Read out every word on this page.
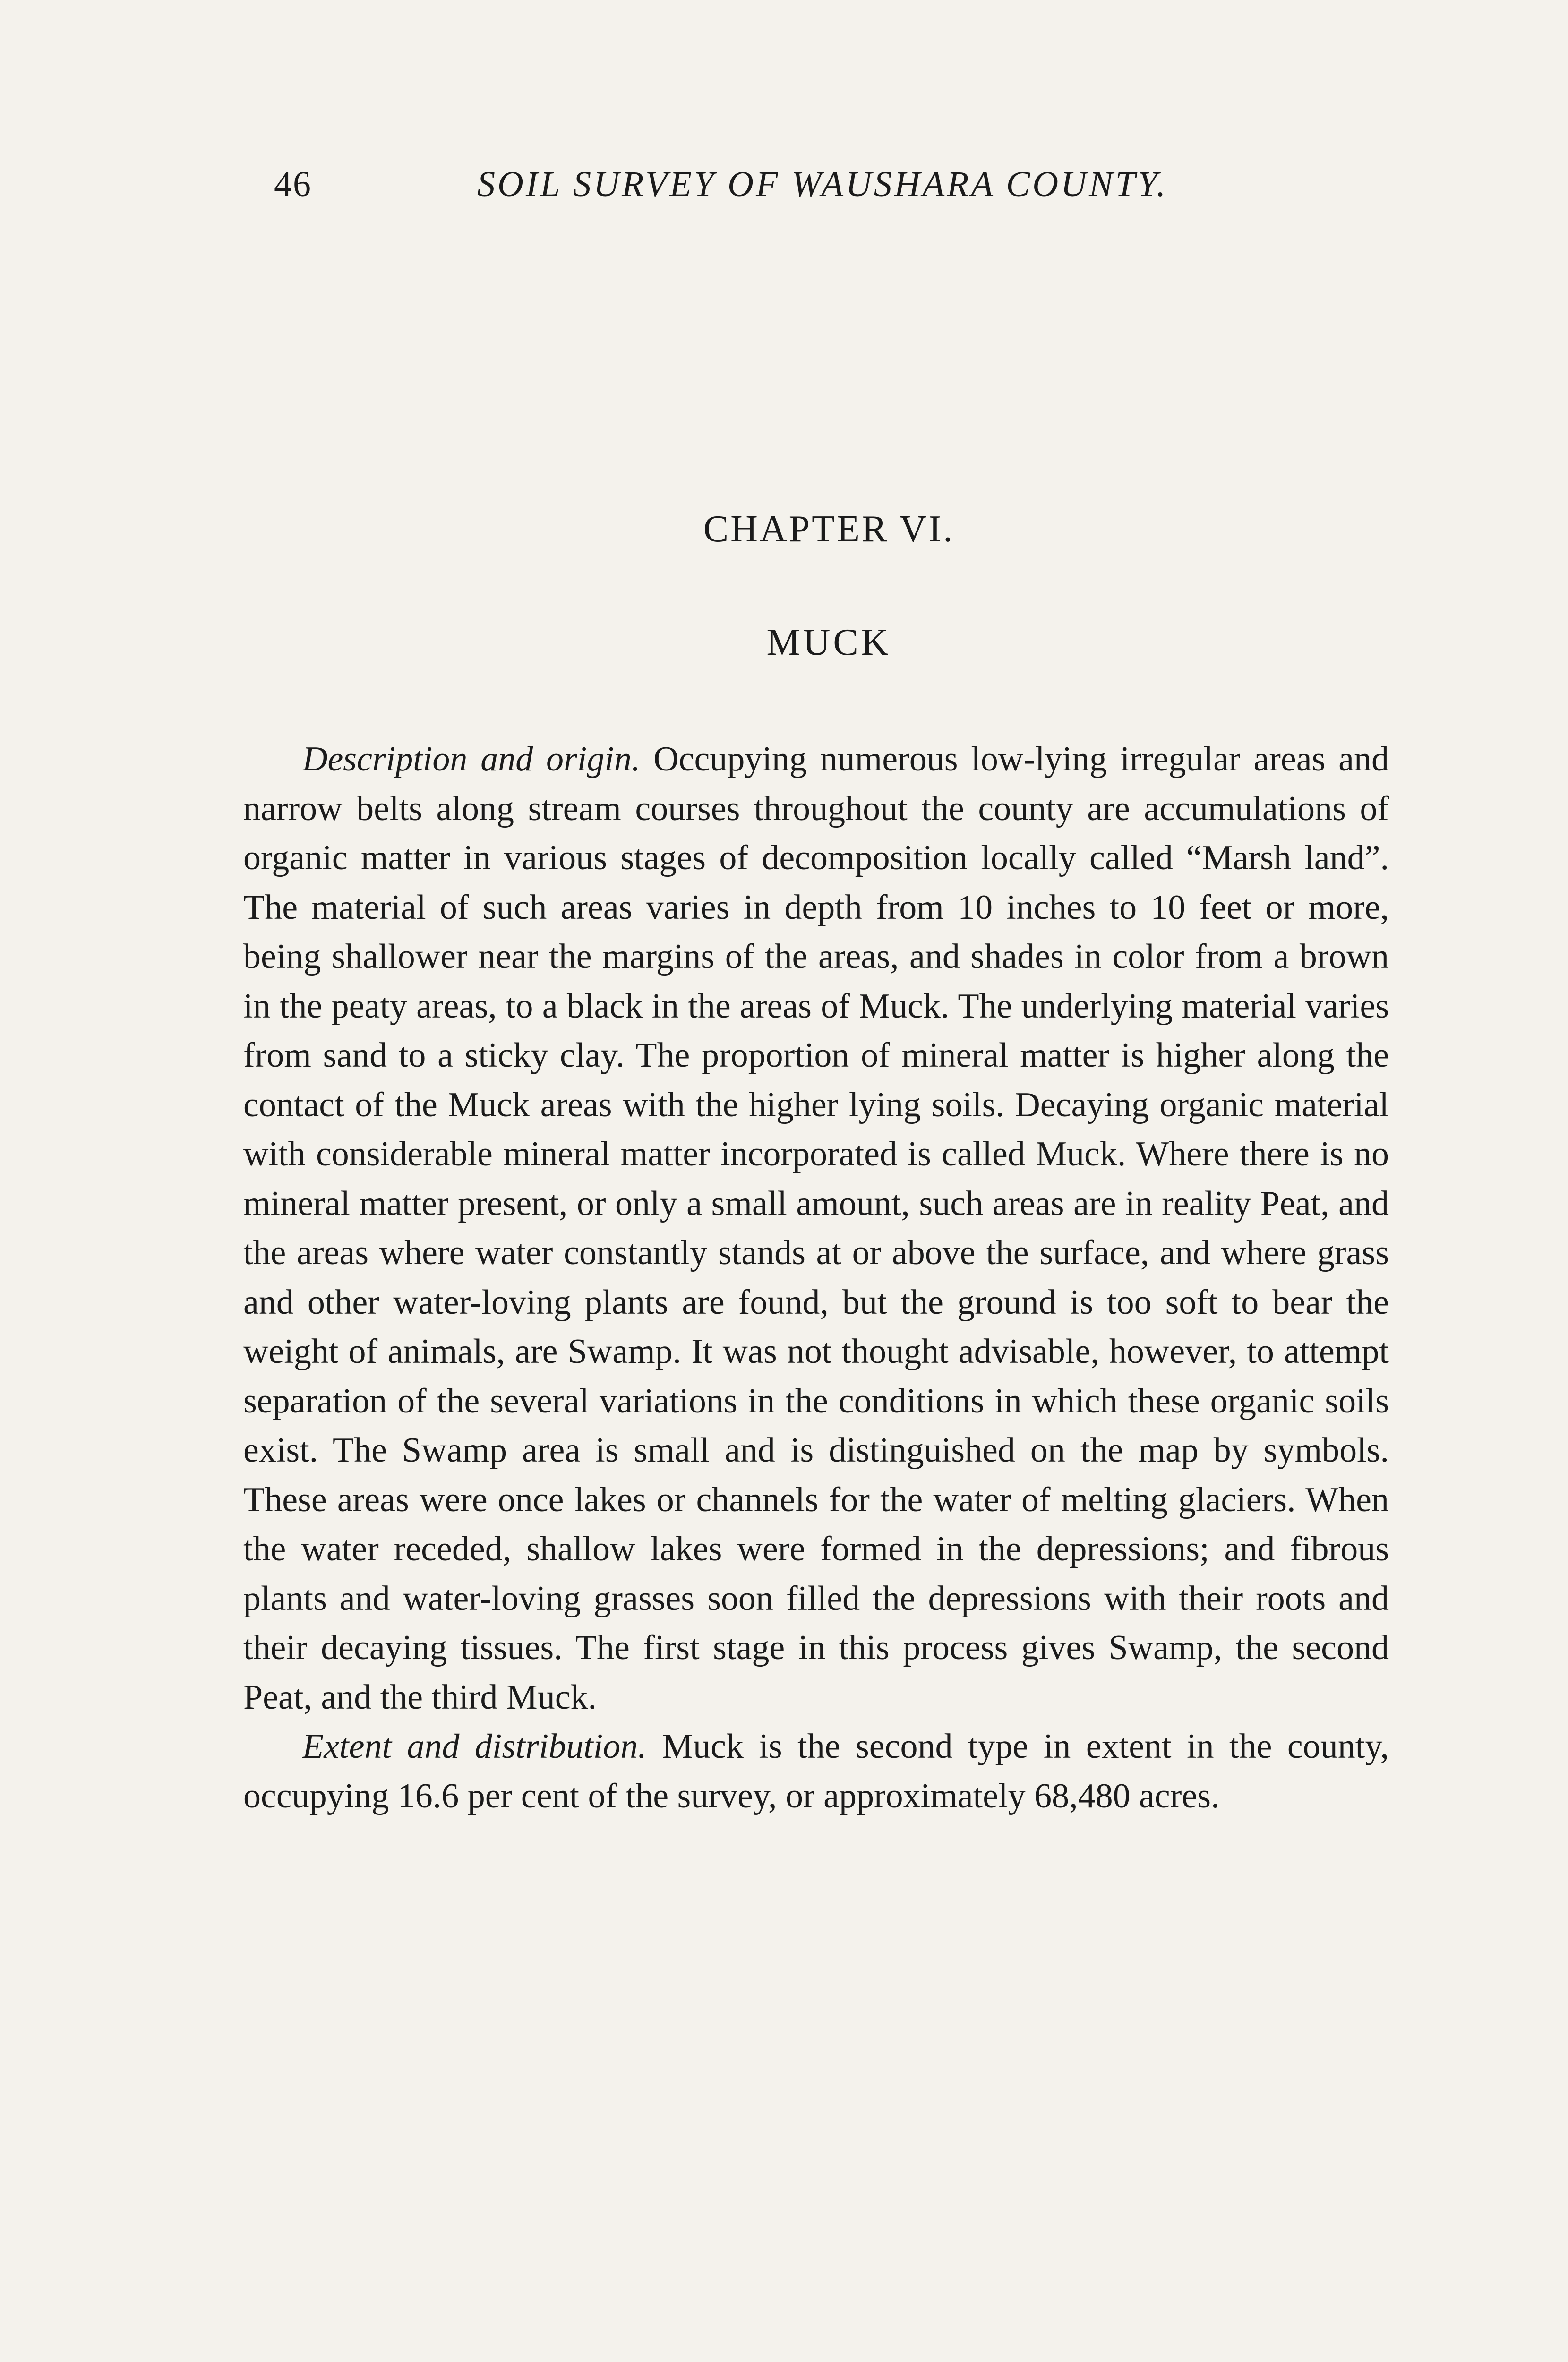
46	SOIL SURVEY OF WAUSHARA COUNTY.
CHAPTER VI.
MUCK

Description and origin. Occupying numerous low-lying irregular areas and narrow belts along stream courses throughout the county are accumulations of organic matter in various stages of decomposition locally called “Marsh land”. The material of such areas varies in depth from 10 inches to 10 feet or more, being shallower near the margins of the areas, and shades in color from a brown in the peaty areas, to a black in the areas of Muck. The underlying material varies from sand to a sticky clay. The proportion of mineral matter is higher along the contact of the Muck areas with the higher lying soils. Decaying organic material with considerable mineral matter incorporated is called Muck. Where there is no mineral matter present, or only a small amount, such areas are in reality Peat, and the areas where water constantly stands at or above the surface, and where grass and other water-loving plants are found, but the ground is too soft to bear the weight of animals, are Swamp. It was not thought advisable, however, to attempt separation of the several variations in the conditions in which these organic soils exist. The Swamp area is small and is distinguished on the map by symbols. These areas were once lakes or channels for the water of melting glaciers. When the water receded, shallow lakes were formed in the depressions; and fibrous plants and water-loving grasses soon filled the depressions with their roots and their decaying tissues. The first stage in this process gives Swamp, the second Peat, and the third Muck.

Extent and distribution. Muck is the second type in extent in the county, occupying 16.6 per cent of the survey, or approximately 68,480 acres.
